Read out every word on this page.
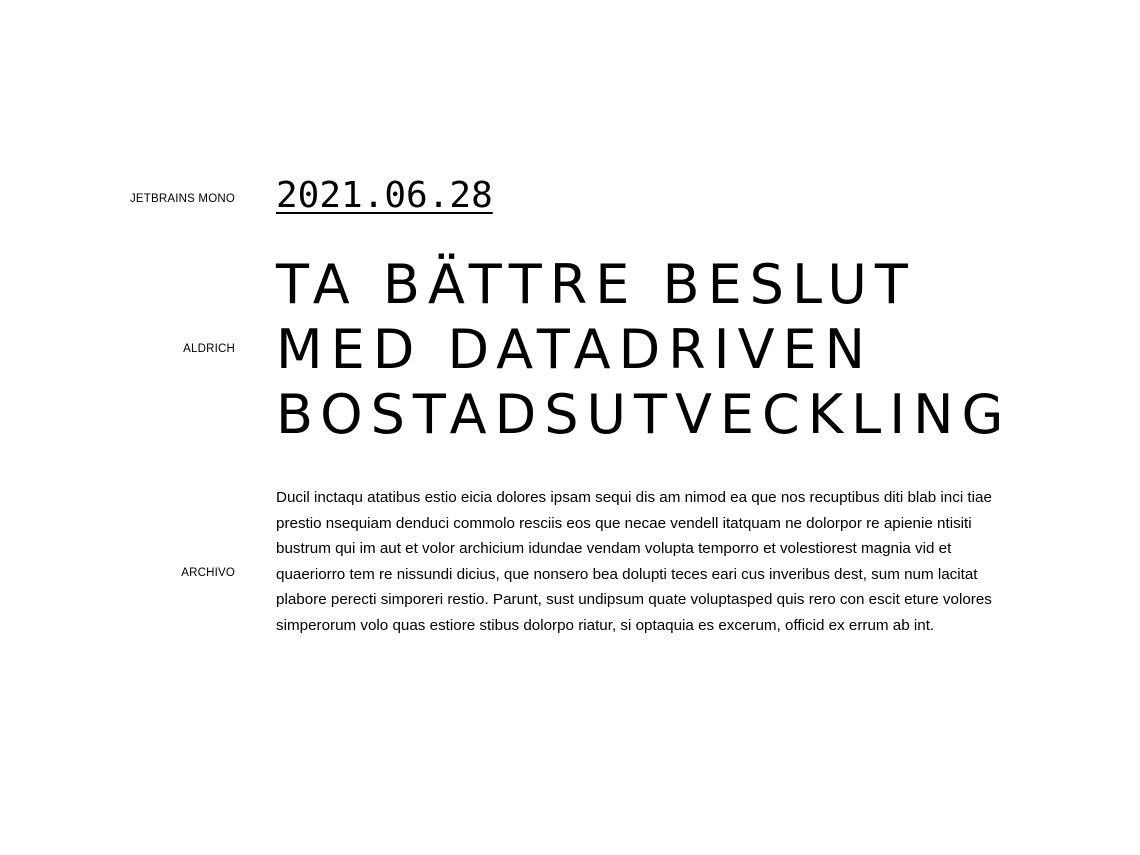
JETBRAINS MONO 2021.06.28
ALDRICH
TA BÄTTRE BESLUT
MED DATADRIVEN
BOSTADSUTVECKLING
ARCHIVO

Ducil inctaqu atatibus estio eicia dolores ipsam sequi dis am nimod ea que nos recuptibus diti blab inci tiae prestio nsequiam denduci commolo resciis eos que necae vendell itatquam ne dolorpor re apienie ntisiti bustrum qui im aut et volor archicium idundae vendam volupta temporro et volestiorest magnia vid et quaeriorro tem re nissundi dicius, que nonsero bea dolupti teces eari cus inveribus dest, sum num lacitat plabore perecti simporeri restio. Parunt, sust undipsum quate voluptasped quis rero con escit eture volores simperorum volo quas estiore stibus dolorpo riatur, si optaquia es excerum, officid ex errum ab int.
